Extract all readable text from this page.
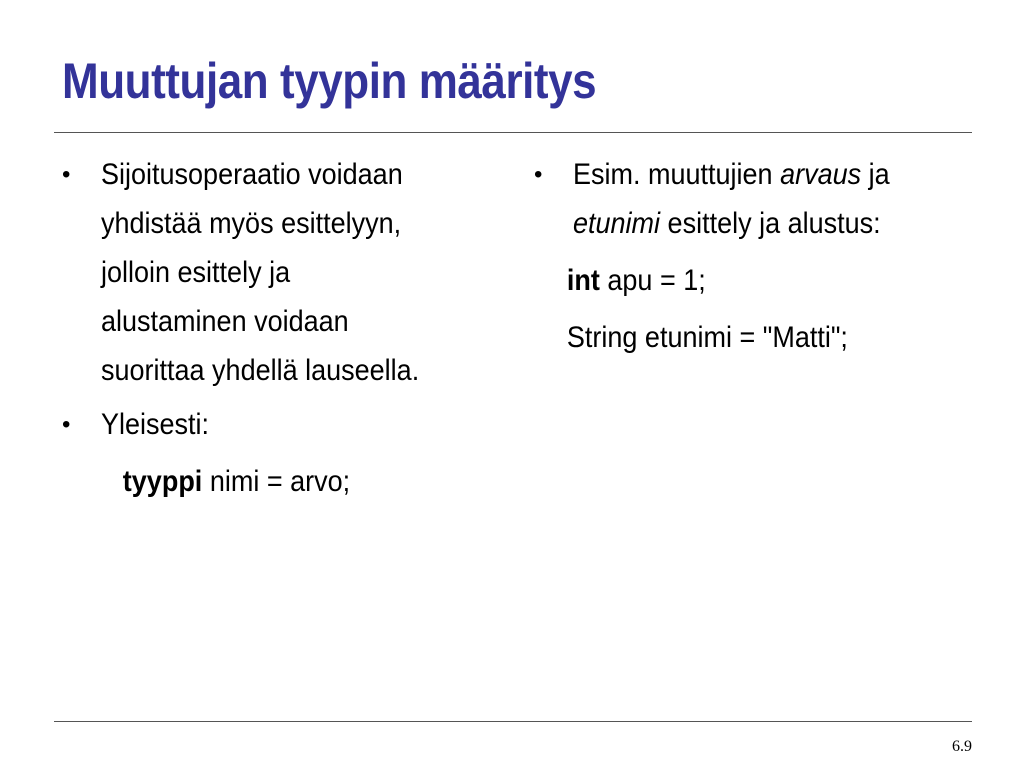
Muuttujan tyypin määritys
•	Sijoitusoperaatio voidaan
yhdistää myös esittelyyn,
jolloin esittely ja
alustaminen voidaan
suorittaa yhdellä lauseella.
•	Yleisesti:
tyyppi nimi = arvo;
•	Esim. muuttujien arvaus ja
etunimi esittely ja alustus:
int apu = 1;
String etunimi = "Matti";
6.9
